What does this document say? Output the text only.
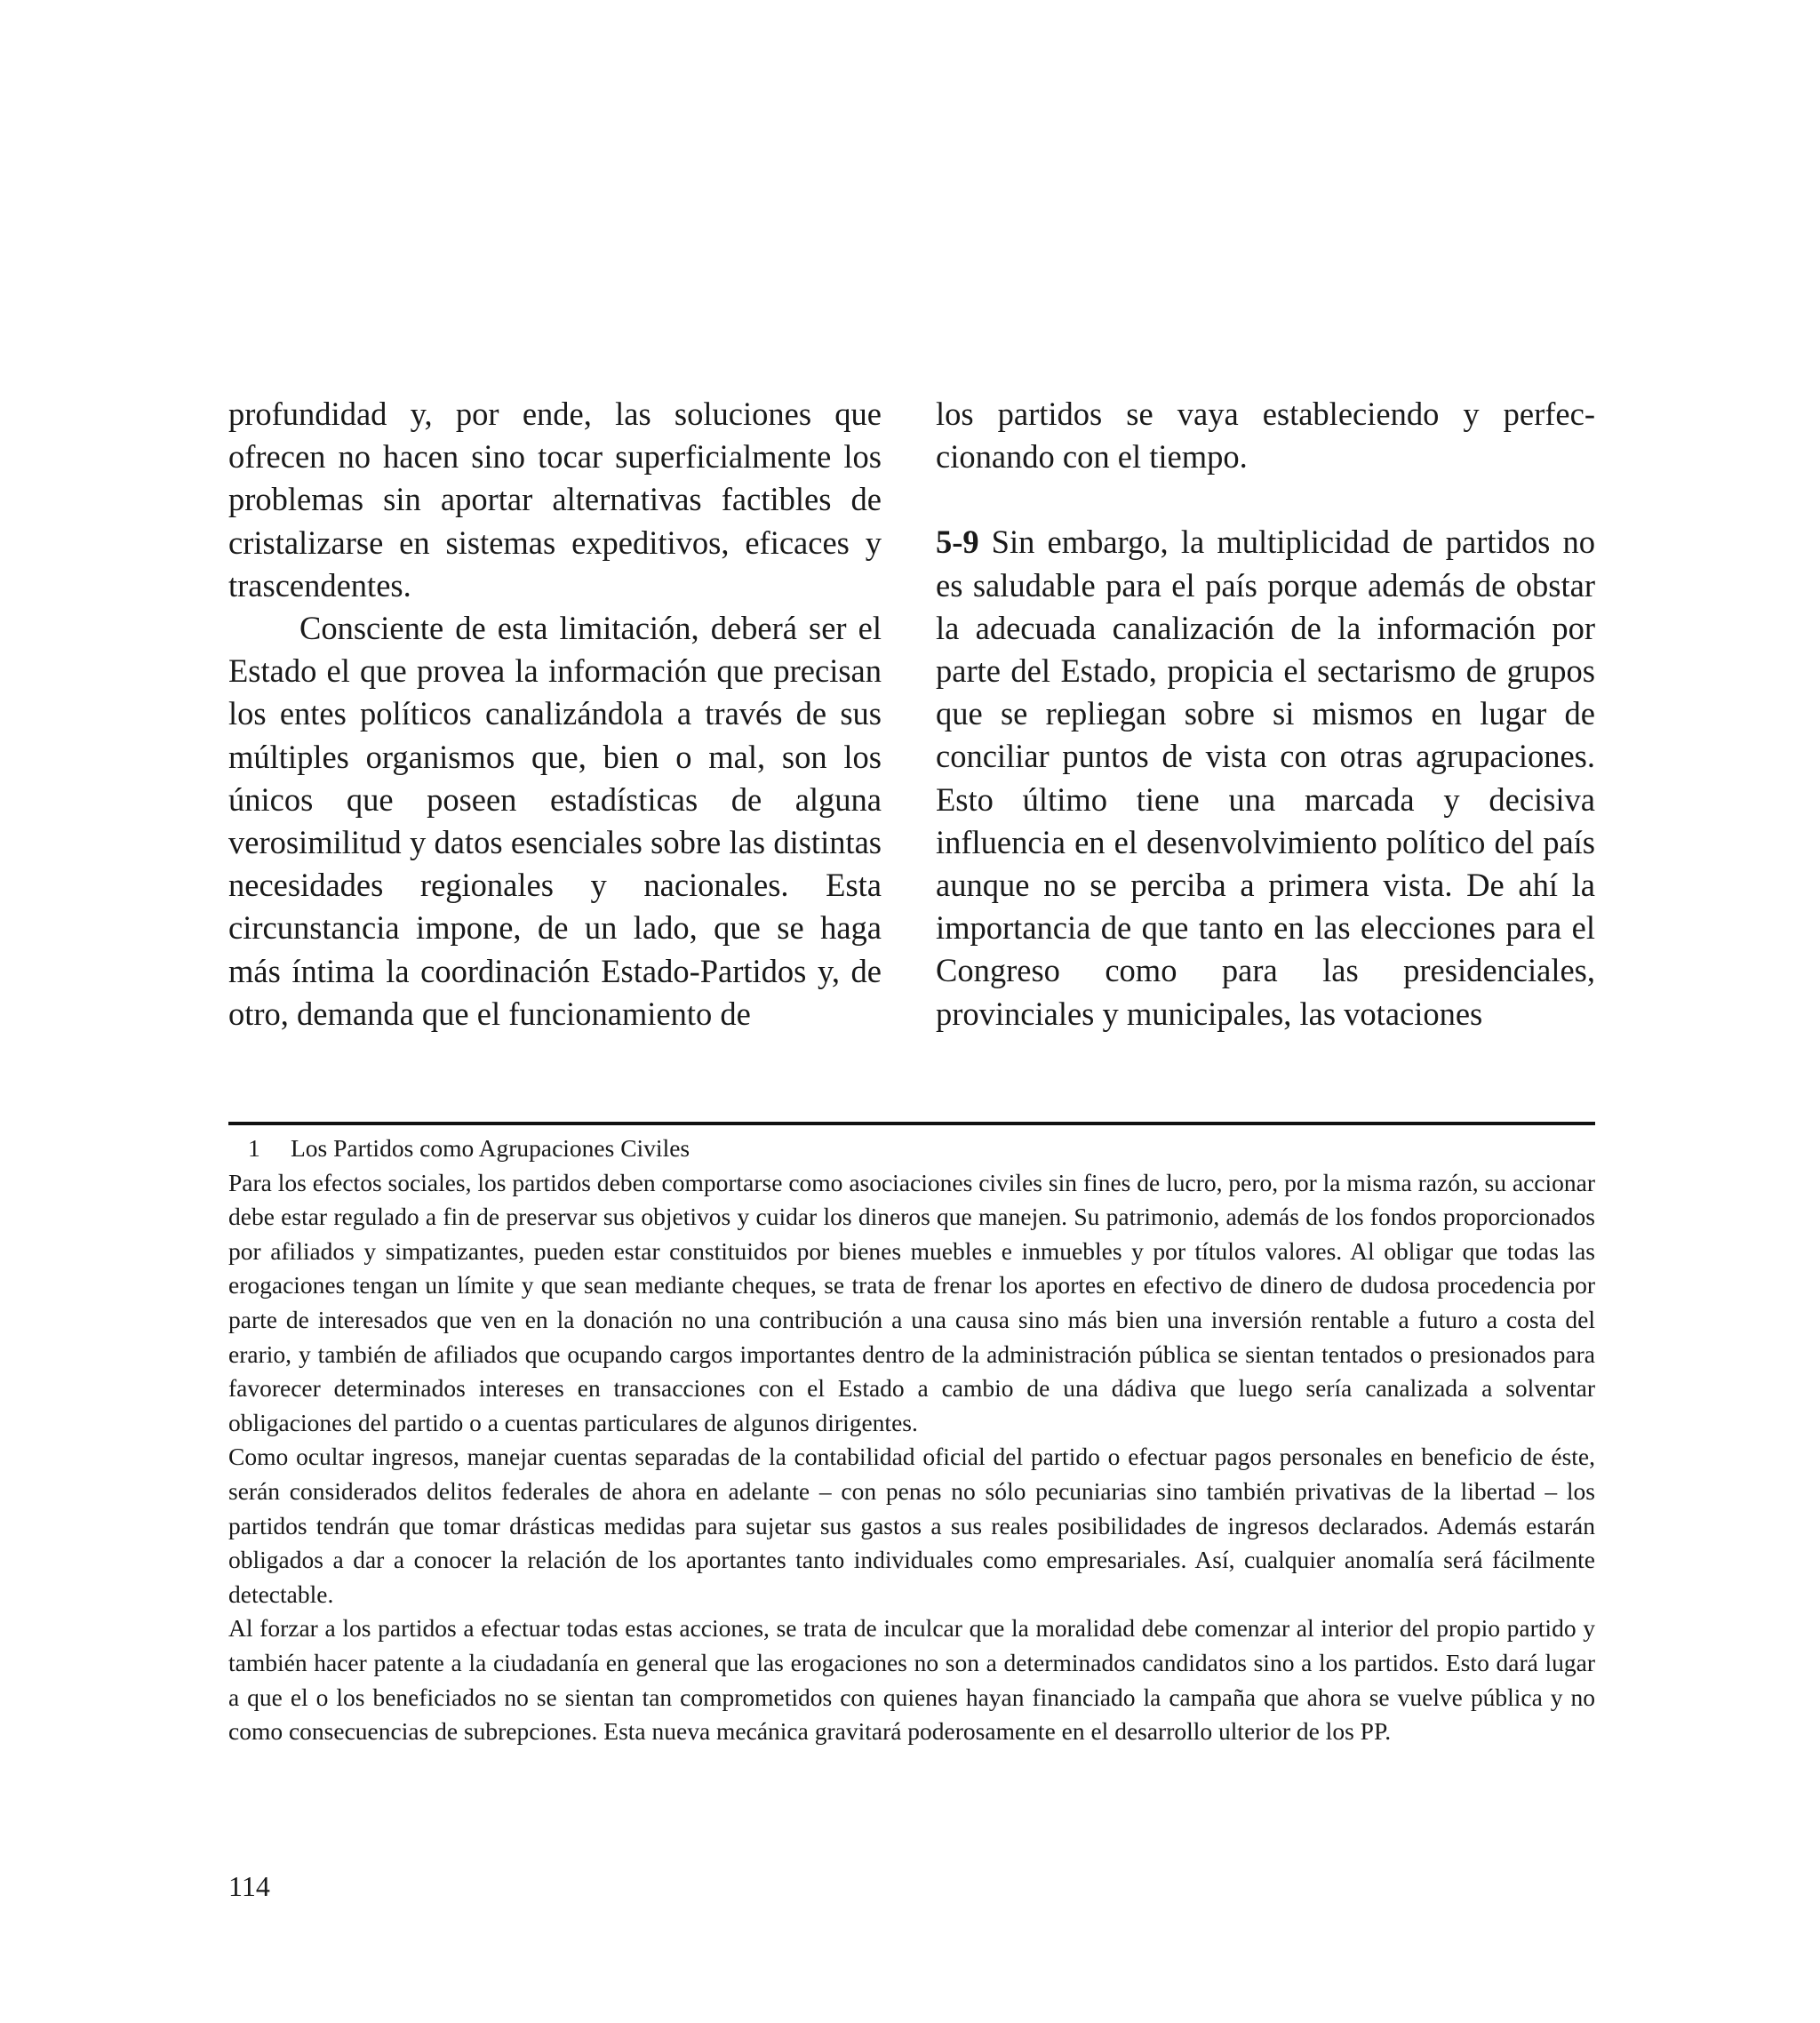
profundidad y, por ende, las soluciones que ofrecen no hacen sino tocar superficialmente los problemas sin aportar alternativas factibles de cristalizarse en sistemas expeditivos, eficaces y trascendentes.

Consciente de esta limitación, deberá ser el Estado el que provea la información que precisan los entes políticos canalizándola a través de sus múltiples organismos que, bien o mal, son los únicos que poseen estadísticas de alguna verosimilitud y datos esenciales sobre las distintas necesidades regionales y nacionales. Esta circunstancia impone, de un lado, que se haga más íntima la coordinación Estado-Partidos y, de otro, demanda que el funcionamiento de

los partidos se vaya estableciendo y perfeccionando con el tiempo.

5-9 Sin embargo, la multiplicidad de partidos no es saludable para el país porque además de obstar la adecuada canalización de la información por parte del Estado, propicia el sectarismo de grupos que se repliegan sobre si mismos en lugar de conciliar puntos de vista con otras agrupaciones. Esto último tiene una marcada y decisiva influencia en el desenvolvimiento político del país aunque no se perciba a primera vista. De ahí la importancia de que tanto en las elecciones para el Congreso como para las presidenciales, provinciales y municipales, las votaciones

1 Los Partidos como Agrupaciones Civiles

Para los efectos sociales, los partidos deben comportarse como asociaciones civiles sin fines de lucro, pero, por la misma razón, su accionar debe estar regulado a fin de preservar sus objetivos y cuidar los dineros que manejen. Su patrimonio, además de los fondos proporcionados por afiliados y simpatizantes, pueden estar constituidos por bienes muebles e inmuebles y por títulos valores. Al obligar que todas las erogaciones tengan un límite y que sean mediante cheques, se trata de frenar los aportes en efectivo de dinero de dudosa procedencia por parte de interesados que ven en la donación no una contribución a una causa sino más bien una inversión rentable a futuro a costa del erario, y también de afiliados que ocupando cargos importantes dentro de la administración pública se sientan tentados o presionados para favorecer determinados intereses en transacciones con el Estado a cambio de una dádiva que luego sería canalizada a solventar obligaciones del partido o a cuentas particulares de algunos dirigentes.

Como ocultar ingresos, manejar cuentas separadas de la contabilidad oficial del partido o efectuar pagos personales en beneficio de éste, serán considerados delitos federales de ahora en adelante – con penas no sólo pecuniarias sino también privativas de la libertad – los partidos tendrán que tomar drásticas medidas para sujetar sus gastos a sus reales posibilidades de ingresos declarados. Además estarán obligados a dar a conocer la relación de los aportantes tanto individuales como empresariales. Así, cualquier anomalía será fácilmente detectable.

Al forzar a los partidos a efectuar todas estas acciones, se trata de inculcar que la moralidad debe comenzar al interior del propio partido y también hacer patente a la ciudadanía en general que las erogaciones no son a determinados candidatos sino a los partidos. Esto dará lugar a que el o los beneficiados no se sientan tan comprometidos con quienes hayan financiado la campaña que ahora se vuelve pública y no como consecuencias de subrepciones. Esta nueva mecánica gravitará poderosamente en el desarrollo ulterior de los PP.

114
